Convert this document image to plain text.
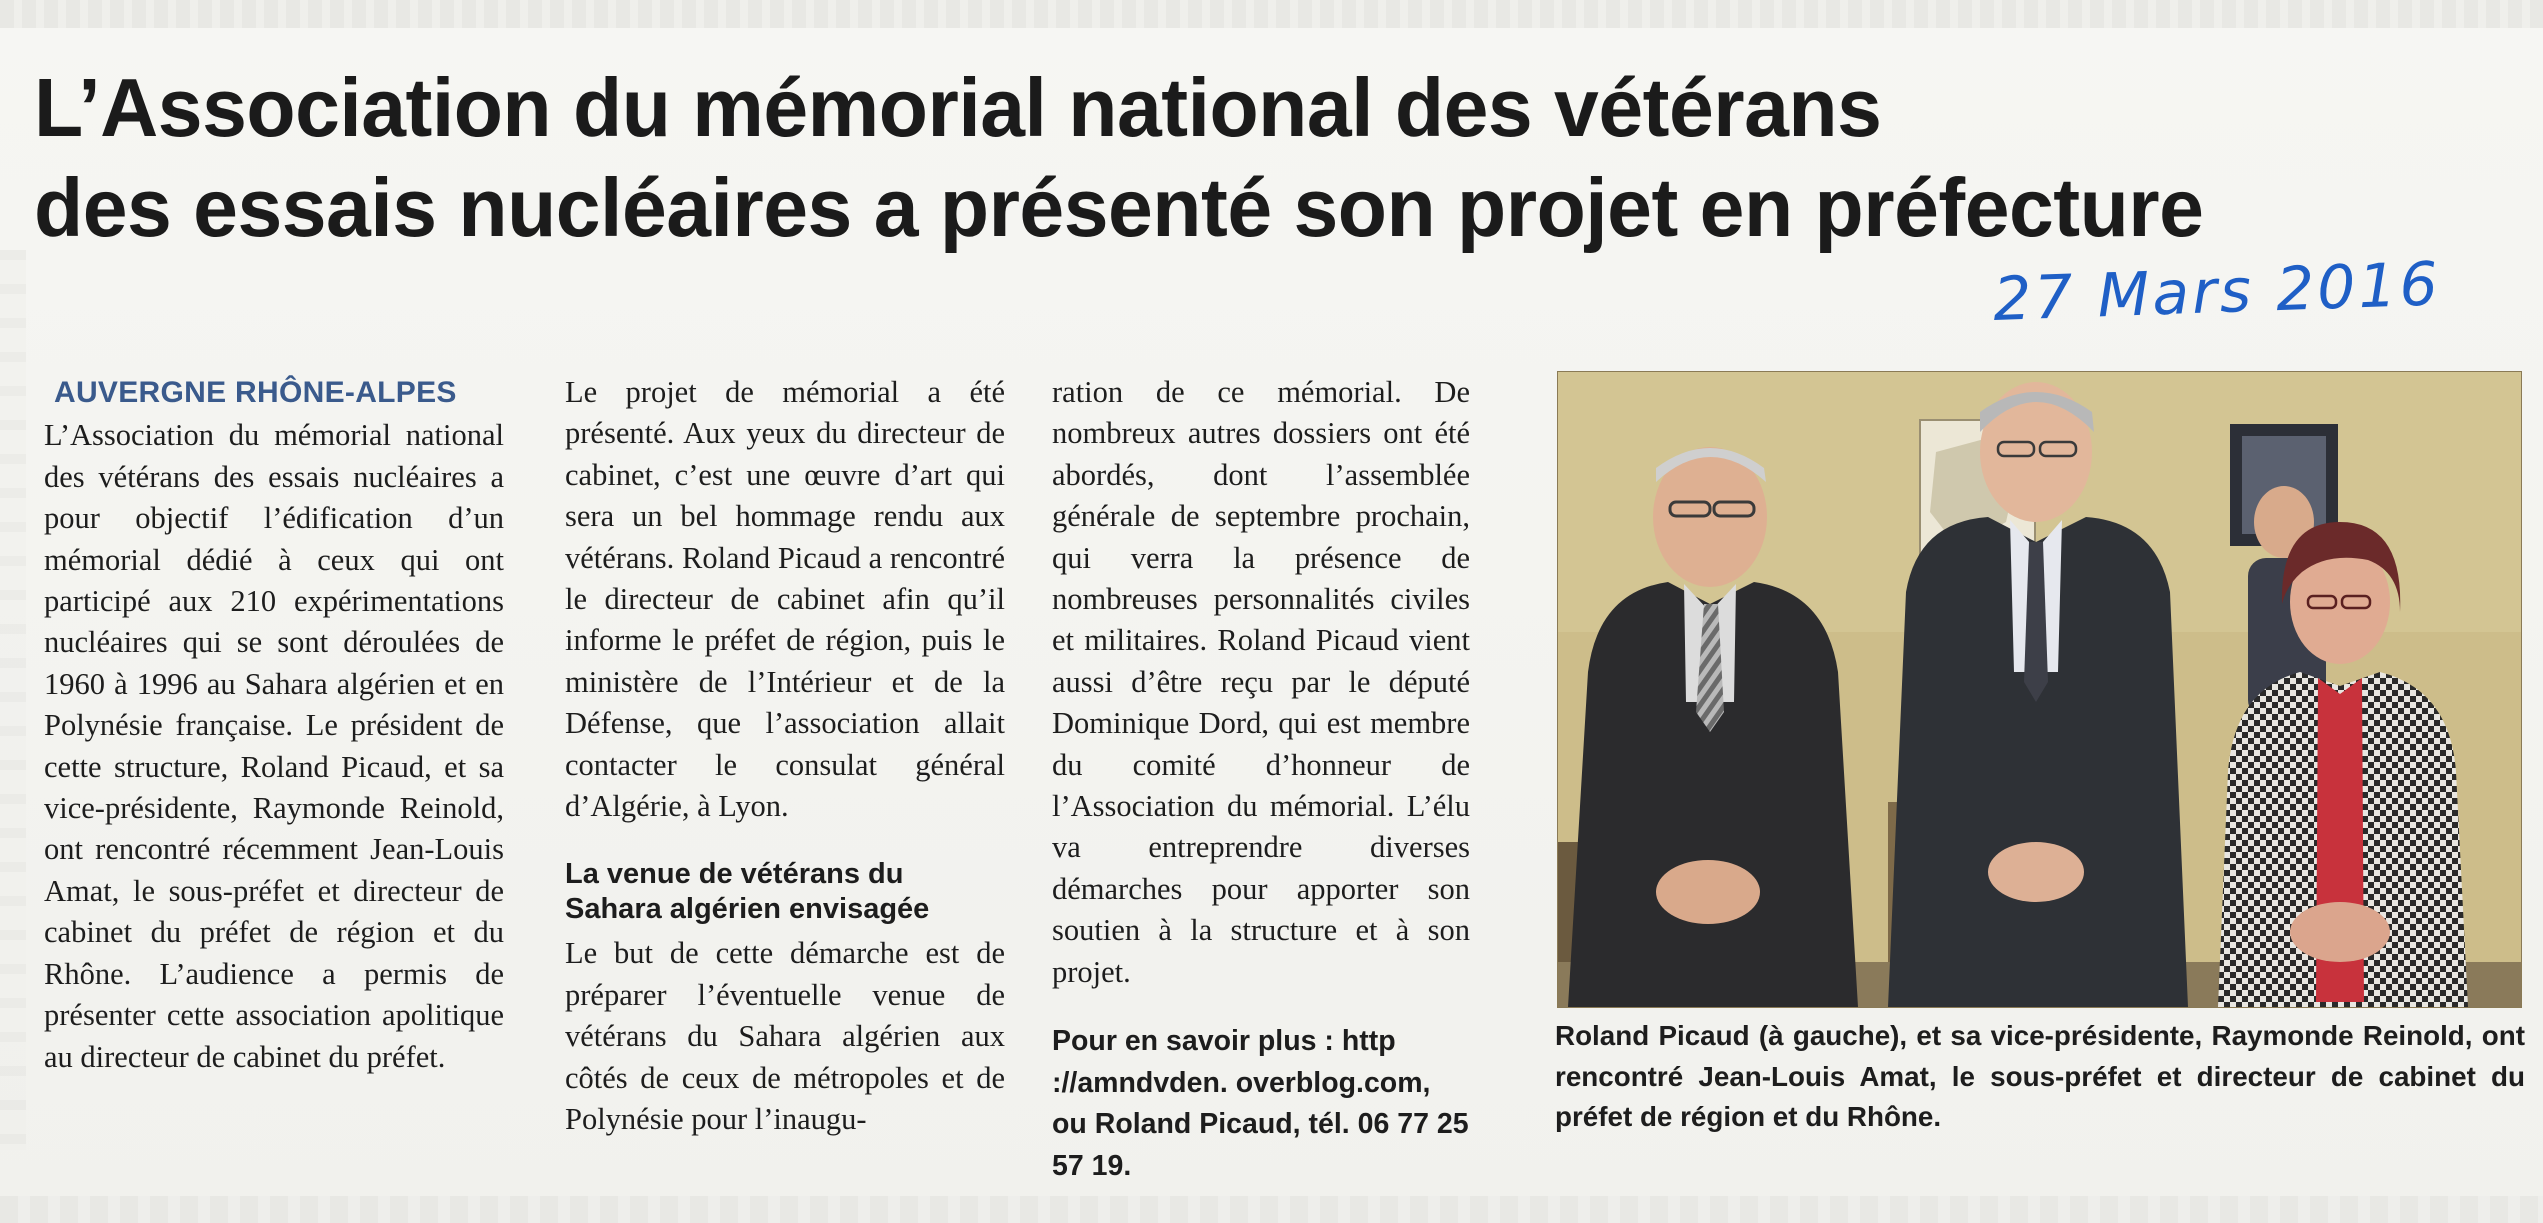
L’Association du mémorial national des vétérans
des essais nucléaires a présenté son projet en préfecture
27 Mars 2016
AUVERGNE RHÔNE-ALPES

L’Association du mémorial national des vétérans des essais nucléaires a pour objectif l’édification d’un mémorial dédié à ceux qui ont participé aux 210 expérimentations nucléaires qui se sont déroulées de 1960 à 1996 au Sahara algérien et en Polynésie française. Le président de cette structure, Roland Picaud, et sa vice-présidente, Raymonde Reinold, ont rencontré récemment Jean-Louis Amat, le sous-préfet et directeur de cabinet du préfet de région et du Rhône. L’audience a permis de présenter cette association apolitique au directeur de cabinet du préfet.

Le projet de mémorial a été présenté. Aux yeux du directeur de cabinet, c’est une œuvre d’art qui sera un bel hommage rendu aux vétérans. Roland Picaud a rencontré le directeur de cabinet afin qu’il informe le préfet de région, puis le ministère de l’Intérieur et de la Défense, que l’association allait contacter le consulat général d’Algérie, à Lyon.

La venue de vétérans du Sahara algérien envisagée

Le but de cette démarche est de préparer l’éventuelle venue de vétérans du Sahara algérien aux côtés de ceux de métropoles et de Polynésie pour l’inaugu-

ration de ce mémorial. De nombreux autres dossiers ont été abordés, dont l’assemblée générale de septembre prochain, qui verra la présence de nombreuses personnalités civiles et militaires. Roland Picaud vient aussi d’être reçu par le député Dominique Dord, qui est membre du comité d’honneur de l’Association du mémorial. L’élu va entreprendre diverses démarches pour apporter son soutien à la structure et à son projet.

Pour en savoir plus : http ://amndvden. overblog.com, ou Roland Picaud, tél. 06 77 25 57 19.

Roland Picaud (à gauche), et sa vice-présidente, Raymonde Reinold, ont rencontré Jean-Louis Amat, le sous-préfet et directeur de cabinet du préfet de région et du Rhône.
